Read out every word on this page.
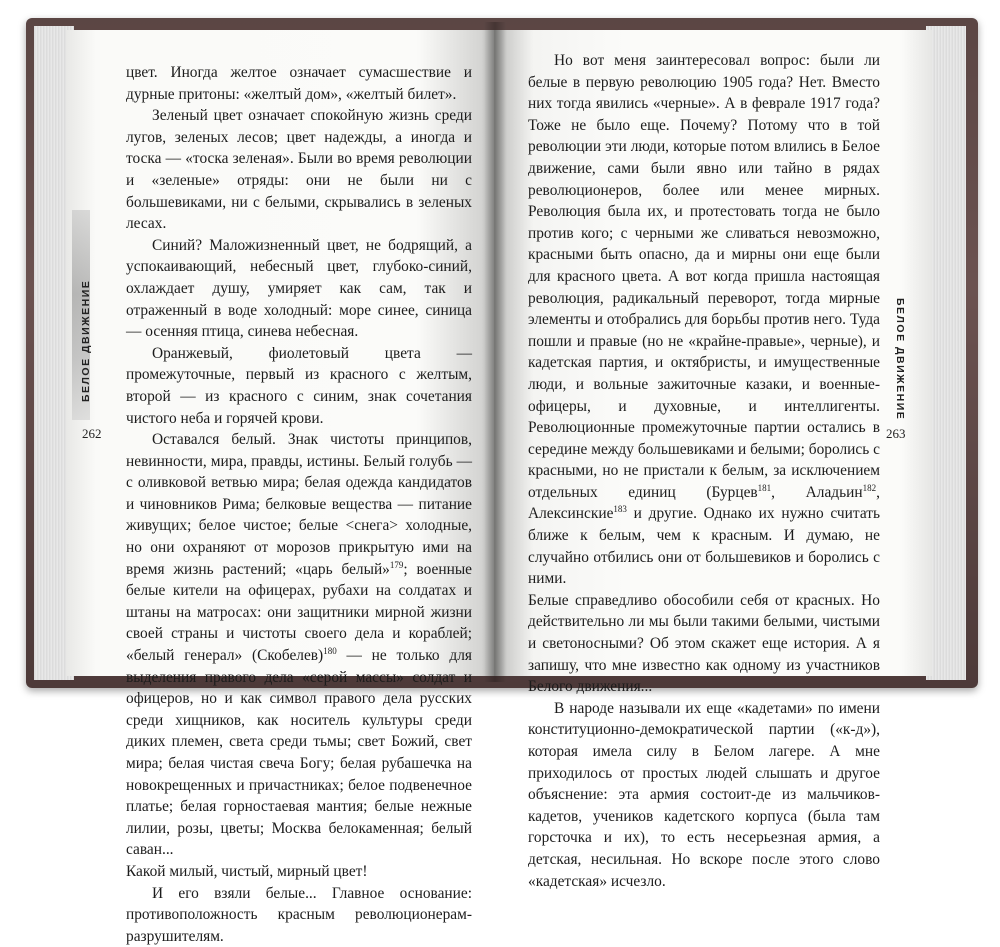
БЕЛОЕ ДВИЖЕНИЕ
262

цвет. Иногда желтое означает сумасшествие и дурные притоны: «желтый дом», «желтый билет».

Зеленый цвет означает спокойную жизнь среди лугов, зеленых лесов; цвет надежды, а иногда и тоска — «тоска зеленая». Были во время революции и «зеленые» отряды: они не были ни с большевиками, ни с белыми, скрывались в зеленых лесах.

Синий? Маложизненный цвет, не бодрящий, а успокаивающий, небесный цвет, глубоко-синий, охлаждает душу, умиряет как сам, так и отраженный в воде холодный: море синее, синица — осенняя птица, синева небесная.

Оранжевый, фиолетовый цвета — промежуточные, первый из красного с желтым, второй — из красного с синим, знак сочетания чистого неба и горячей крови.

Оставался белый. Знак чистоты принципов, невинности, мира, правды, истины. Белый голубь — с оливковой ветвью мира; белая одежда кандидатов и чиновников Рима; белковые вещества — питание живущих; белое чистое; белые <снега> холодные, но они охраняют от морозов прикрытую ими на время жизнь растений; «царь белый»$^{179}$; военные белые кители на офицерах, рубахи на солдатах и штаны на матросах: они защитники мирной жизни своей страны и чистоты своего дела и кораблей; «белый генерал» (Скобелев)$^{180}$ — не только для выделения правого дела «серой массы» солдат и офицеров, но и как символ правого дела русских среди хищников, как носитель культуры среди диких племен, света среди тьмы; свет Божий, свет мира; белая чистая свеча Богу; белая рубашечка на новокрещенных и причастниках; белое подвенечное платье; белая горностаевая мантия; белые нежные лилии, розы, цветы; Москва белокаменная; белый саван...

Какой милый, чистый, мирный цвет!

И его взяли белые... Главное основание: противоположность красным революционерам-разрушителям.

БЕЛОЕ ДВИЖЕНИЕ
263

Но вот меня заинтересовал вопрос: были ли белые в первую революцию 1905 года? Нет. Вместо них тогда явились «черные». А в феврале 1917 года? Тоже не было еще. Почему? Потому что в той революции эти люди, которые потом влились в Белое движение, сами были явно или тайно в рядах революционеров, более или менее мирных. Революция была их, и протестовать тогда не было против кого; с черными же сливаться невозможно, красными быть опасно, да и мирны они еще были для красного цвета. А вот когда пришла настоящая революция, радикальный переворот, тогда мирные элементы и отобрались для борьбы против него. Туда пошли и правые (но не «крайне-правые», черные), и кадетская партия, и октябристы, и имущественные люди, и вольные зажиточные казаки, и военные-офицеры, и духовные, и интеллигенты. Революционные промежуточные партии остались в середине между большевиками и белыми; боролись с красными, но не пристали к белым, за исключением отдельных единиц (Бурцев$^{181}$, Аладьин$^{182}$, Алексинские$^{183}$ и другие. Однако их нужно считать ближе к белым, чем к красным. И думаю, не случайно отбились они от большевиков и боролись с ними.

Белые справедливо обособили себя от красных. Но действительно ли мы были такими белыми, чистыми и светоносными? Об этом скажет еще история. А я запишу, что мне известно как одному из участников Белого движения...

В народе называли их еще «кадетами» по имени конституционно-демократической партии («к-д»), которая имела силу в Белом лагере. А мне приходилось от простых людей слышать и другое объяснение: эта армия состоит-де из мальчиков-кадетов, учеников кадетского корпуса (была там горсточка и их), то есть несерьезная армия, а детская, несильная. Но вскоре после этого слово «кадетская» исчезло.
